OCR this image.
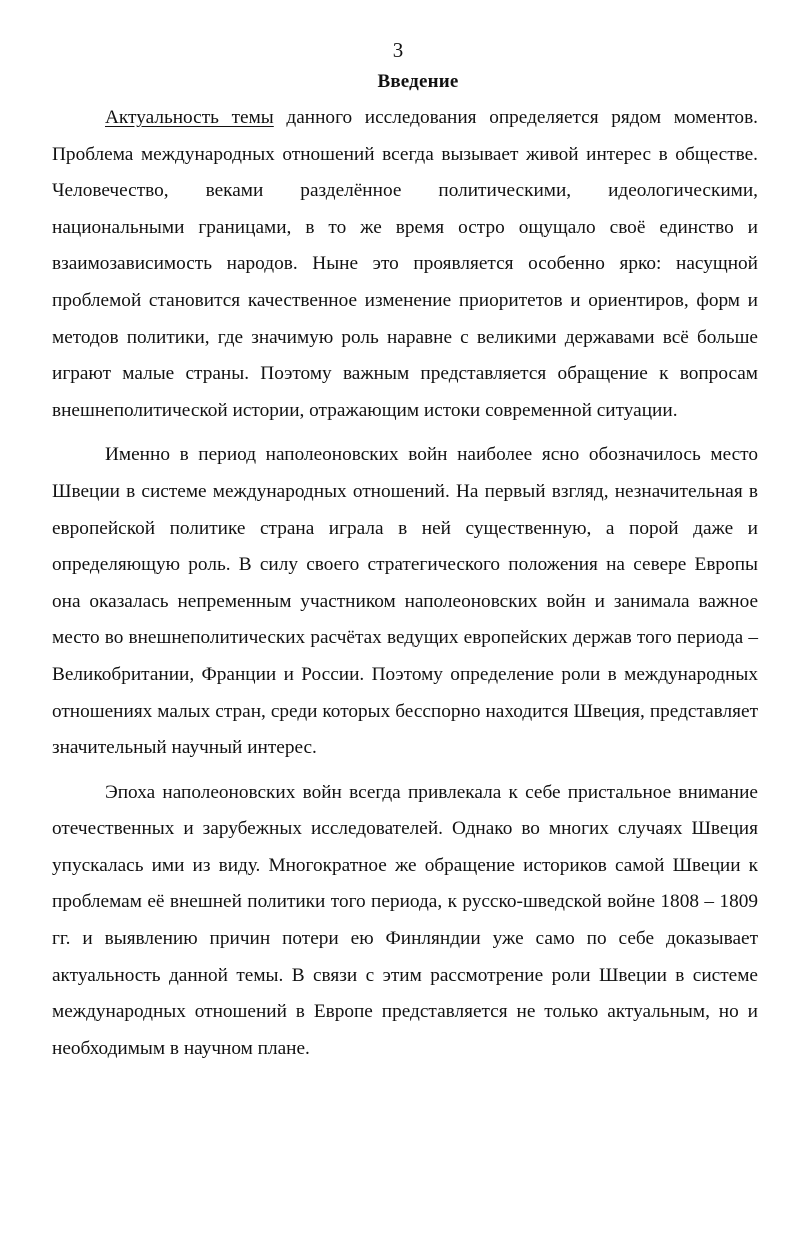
3
Введение

Актуальность темы данного исследования определяется рядом моментов. Проблема международных отношений всегда вызывает живой интерес в обществе. Человечество, веками разделённое политическими, идеологическими, национальными границами, в то же время остро ощущало своё единство и взаимозависимость народов. Ныне это проявляется особенно ярко: насущной проблемой становится качественное изменение приоритетов и ориентиров, форм и методов политики, где значимую роль наравне с великими державами всё больше играют малые страны. Поэтому важным представляется обращение к вопросам внешнеполитической истории, отражающим истоки современной ситуации.

Именно в период наполеоновских войн наиболее ясно обозначилось место Швеции в системе международных отношений. На первый взгляд, незначительная в европейской политике страна играла в ней существенную, а порой даже и определяющую роль. В силу своего стратегического положения на севере Европы она оказалась непременным участником наполеоновских войн и занимала важное место во внешнеполитических расчётах ведущих европейских держав того периода – Великобритании, Франции и России. Поэтому определение роли в международных отношениях малых стран, среди которых бесспорно находится Швеция, представляет значительный научный интерес.

Эпоха наполеоновских войн всегда привлекала к себе пристальное внимание отечественных и зарубежных исследователей. Однако во многих случаях Швеция упускалась ими из виду. Многократное же обращение историков самой Швеции к проблемам её внешней политики того периода, к русско-шведской войне 1808 – 1809 гг. и выявлению причин потери ею Финляндии уже само по себе доказывает актуальность данной темы. В связи с этим рассмотрение роли Швеции в системе международных отношений в Европе представляется не только актуальным, но и необходимым в научном плане.
